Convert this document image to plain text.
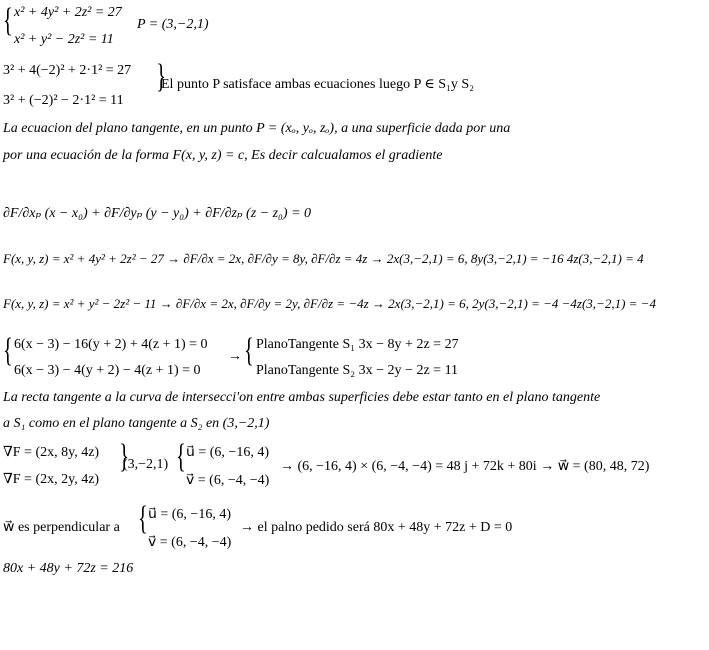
{ x² + 4y² + 2z² = 27
x² + y² − 2z² = 11
P = (3,−2,1)
3² + 4(−2)² + 2·1² = 27
3² + (−2)² − 2·1² = 11
{
El punto P satisface ambas ecuaciones luego P ∈ S₁y S₂
La ecuacion del plano tangente, en un punto P = (xₒ, yₒ, zₒ), a una superficie dada por una
por una ecuación de la forma F(x, y, z) = c, Es decir calcualamos el gradiente
∂F/∂xₚ (x − x₀) + ∂F/∂yₚ (y − y₀) + ∂F/∂zₚ (z − z₀) = 0
F(x, y, z) = x² + 4y² + 2z² − 27 → ∂F/∂x = 2x, ∂F/∂y = 8y, ∂F/∂z = 4z → 2x(3,−2,1) = 6, 8y(3,−2,1) = −16 4z(3,−2,1) = 4
F(x, y, z) = x² + y² − 2z² − 11 → ∂F/∂x = 2x, ∂F/∂y = 2y, ∂F/∂z = −4z → 2x(3,−2,1) = 6, 2y(3,−2,1) = −4 −4z(3,−2,1) = −4
{ 6(x − 3) − 16(y + 2) + 4(z + 1) = 0
6(x − 3) − 4(y + 2) − 4(z + 1) = 0
→ { PlanoTangente S₁ 3x − 8y + 2z = 27
PlanoTangente S₂ 3x − 2y − 2z = 11
La recta tangente a la curva de intersecci'on entre ambas superficies debe estar tanto en el plano tangente
a S₁ como en el plano tangente a S₂ en (3,−2,1)
∇F = (2x, 8y, 4z)
∇F = (2x, 2y, 4z)
{
(3,−2,1) { u⃗ = (6, −16, 4)
v⃗ = (6, −4, −4)
→ (6, −16, 4) × (6, −4, −4) = 48 j + 72k + 80i → w⃗ = (80, 48, 72)
w⃗ es perpendicular a { u⃗ = (6, −16, 4)
v⃗ = (6, −4, −4)
→ el palno pedido será 80x + 48y + 72z + D = 0
80x + 48y + 72z = 216
